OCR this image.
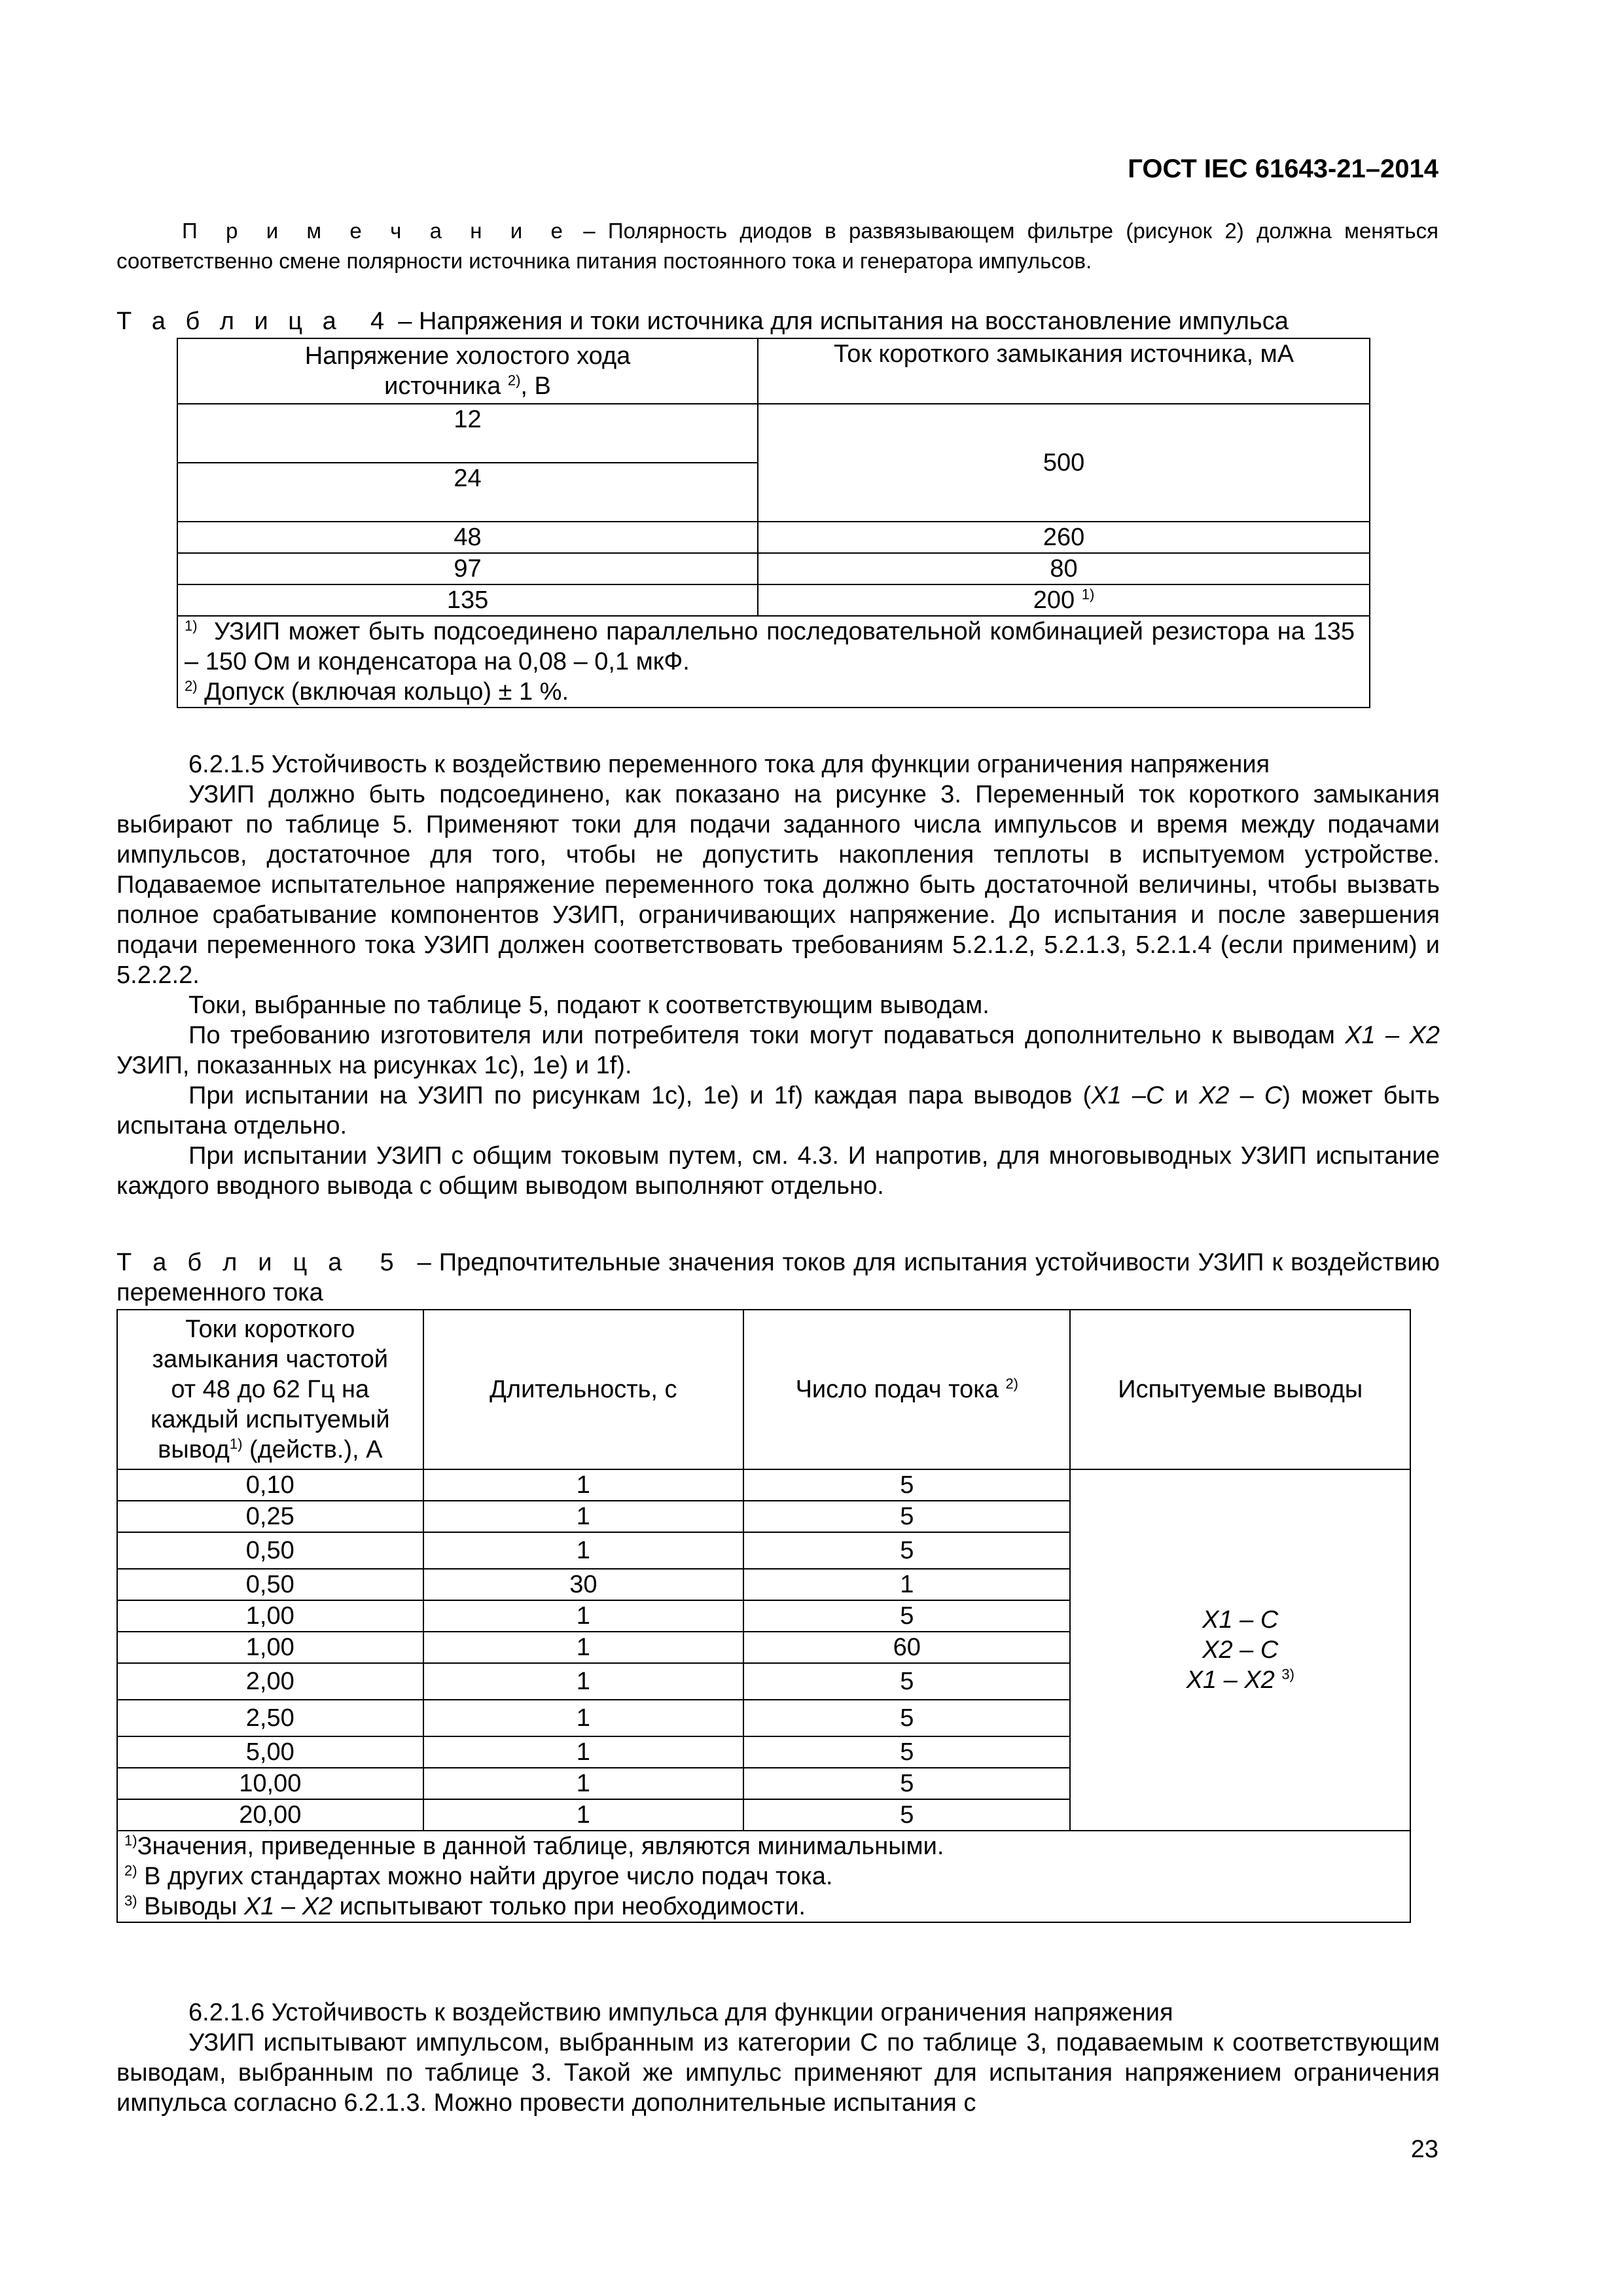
ГОСТ IEC 61643-21–2014
П р и м е ч а н и е – Полярность диодов в развязывающем фильтре (рисунок 2) должна меняться соответственно смене полярности источника питания постоянного тока и генератора импульсов.
Т а б л и ц а 4 – Напряжения и токи источника для испытания на восстановление импульса
Напряжение холостого хода
источника $^{2)}$, В	Ток короткого замыкания источника, мА
12	500
24	
48	260
97	80
135	200 $^{1)}$

$^{1)}$ УЗИП может быть подсоединено параллельно последовательной комбинацией резистора на 135 – 150 Ом и конденсатора на 0,08 – 0,1 мкФ.
$^{2)}$ Допуск (включая кольцо) ± 1 %.	

6.2.1.5 Устойчивость к воздействию переменного тока для функции ограничения напряжения

УЗИП должно быть подсоединено, как показано на рисунке 3. Переменный ток короткого замыкания выбирают по таблице 5. Применяют токи для подачи заданного числа импульсов и время между подачами импульсов, достаточное для того, чтобы не допустить накопления теплоты в испытуемом устройстве. Подаваемое испытательное напряжение переменного тока должно быть достаточной величины, чтобы вызвать полное срабатывание компонентов УЗИП, ограничивающих напряжение. До испытания и после завершения подачи переменного тока УЗИП должен соответствовать требованиям 5.2.1.2, 5.2.1.3, 5.2.1.4 (если применим) и 5.2.2.2.

Токи, выбранные по таблице 5, подают к соответствующим выводам.

По требованию изготовителя или потребителя токи могут подаваться дополнительно к выводам X1 – X2 УЗИП, показанных на рисунках 1с), 1е) и 1f).

При испытании на УЗИП по рисункам 1с), 1е) и 1f) каждая пара выводов (X1 –C и X2 – C) может быть испытана отдельно.

При испытании УЗИП с общим токовым путем, см. 4.3. И напротив, для многовыводных УЗИП испытание каждого вводного вывода с общим выводом выполняют отдельно.

Т а б л и ц а 5 – Предпочтительные значения токов для испытания устойчивости УЗИП к воздействию переменного тока
Токи короткого
замыкания частотой
от 48 до 62 Гц на
каждый испытуемый
вывод$^{1)}$ (действ.), А	Длительность, с	Число подач тока $^{2)}$	Испытуемые выводы
0,10	1	5	X1 – C
X2 – C
X1 – X2 $^{3)}$
0,25	1	5	
0,50	1	5	
0,50	30	1	
1,00	1	5	
1,00	1	60	
2,00	1	5	
2,50	1	5	
5,00	1	5	
10,00	1	5	
20,00	1	5	

$^{1)}$Значения, приведенные в данной таблице, являются минимальными.
$^{2)}$ В других стандартах можно найти другое число подач тока.
$^{3)}$ Выводы X1 – X2 испытывают только при необходимости.			

6.2.1.6 Устойчивость к воздействию импульса для функции ограничения напряжения

УЗИП испытывают импульсом, выбранным из категории С по таблице 3, подаваемым к соответствующим выводам, выбранным по таблице 3. Такой же импульс применяют для испытания напряжением ограничения импульса согласно 6.2.1.3. Можно провести дополнительные испытания с

23
